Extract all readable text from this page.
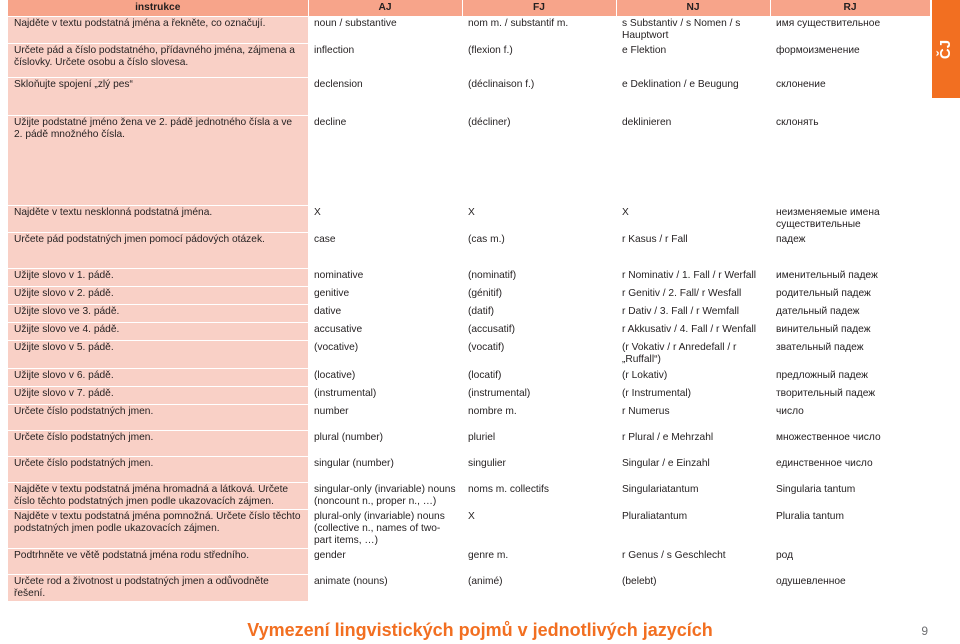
instrukce	AJ	FJ	NJ	RJ
Najděte v textu podstatná jména a řekněte, co označují.	noun / substantive	nom m. / substantif m.	s Substantiv / s Nomen / s Hauptwort	имя существительное
Určete pád a číslo podstatného, přídavného jména, zájmena a číslovky. Určete osobu a číslo slovesa.	inflection	(flexion f.)	e Flektion	формоизменение
Skloňujte spojení „zlý pes“	declension	(déclinaison f.)	e Deklination / e Beugung	склонение
Užijte podstatné jméno žena ve 2. pádě jednotného čísla a ve 2. pádě množného čísla.	decline	(décliner)	deklinieren	склонять
Najděte v textu nesklonná podstatná jména.	X	X	X	неизменяемые имена существительные
Určete pád podstatných jmen pomocí pádových otázek.	case	(cas m.)	r Kasus / r Fall	падеж
Užijte slovo v 1. pádě.	nominative	(nominatif)	r Nominativ / 1. Fall / r Werfall	именительный падеж
Užijte slovo v 2. pádě.	genitive	(génitif)	r Genitiv / 2. Fall/ r Wesfall	родительный падеж
Užijte slovo ve 3. pádě.	dative	(datif)	r Dativ / 3. Fall / r Wemfall	дательный падеж
Užijte slovo ve 4. pádě.	accusative	(accusatif)	r Akkusativ / 4. Fall / r Wenfall	винительный падеж
Užijte slovo v 5. pádě.	(vocative)	(vocatif)	(r Vokativ / r Anredefall / r „Ruffall“)	звательный падеж
Užijte slovo v 6. pádě.	(locative)	(locatif)	(r Lokativ)	предложный падеж
Užijte slovo v 7. pádě.	(instrumental)	(instrumental)	(r Instrumental)	творительный падеж
Určete číslo podstatných jmen.	number	nombre m.	r Numerus	число
Určete číslo podstatných jmen.	plural (number)	pluriel	r Plural / e Mehrzahl	множественное число
Určete číslo podstatných jmen.	singular (number)	singulier	Singular / e Einzahl	единственное число
Najděte v textu podstatná jména hromadná a látková. Určete číslo těchto podstatných jmen podle ukazovacích zájmen.	singular-only (invariable) nouns (noncount n., proper n., …)	noms m. collectifs	Singulariatantum	Singularia tantum
Najděte v textu podstatná jména pomnožná. Určete číslo těchto podstatných jmen podle ukazovacích zájmen.	plural-only (invariable) nouns (collective n., names of two-part items, …)	X	Pluraliatantum	Pluralia tantum
Podtrhněte ve větě podstatná jména rodu středního.	gender	genre m.	r Genus / s Geschlecht	род
Určete rod a životnost u podstatných jmen a odůvodněte řešení.	animate (nouns)	(animé)	(belebt)	одушевленное
ČJ
Vymezení lingvistických pojmů v jednotlivých jazycích	9
